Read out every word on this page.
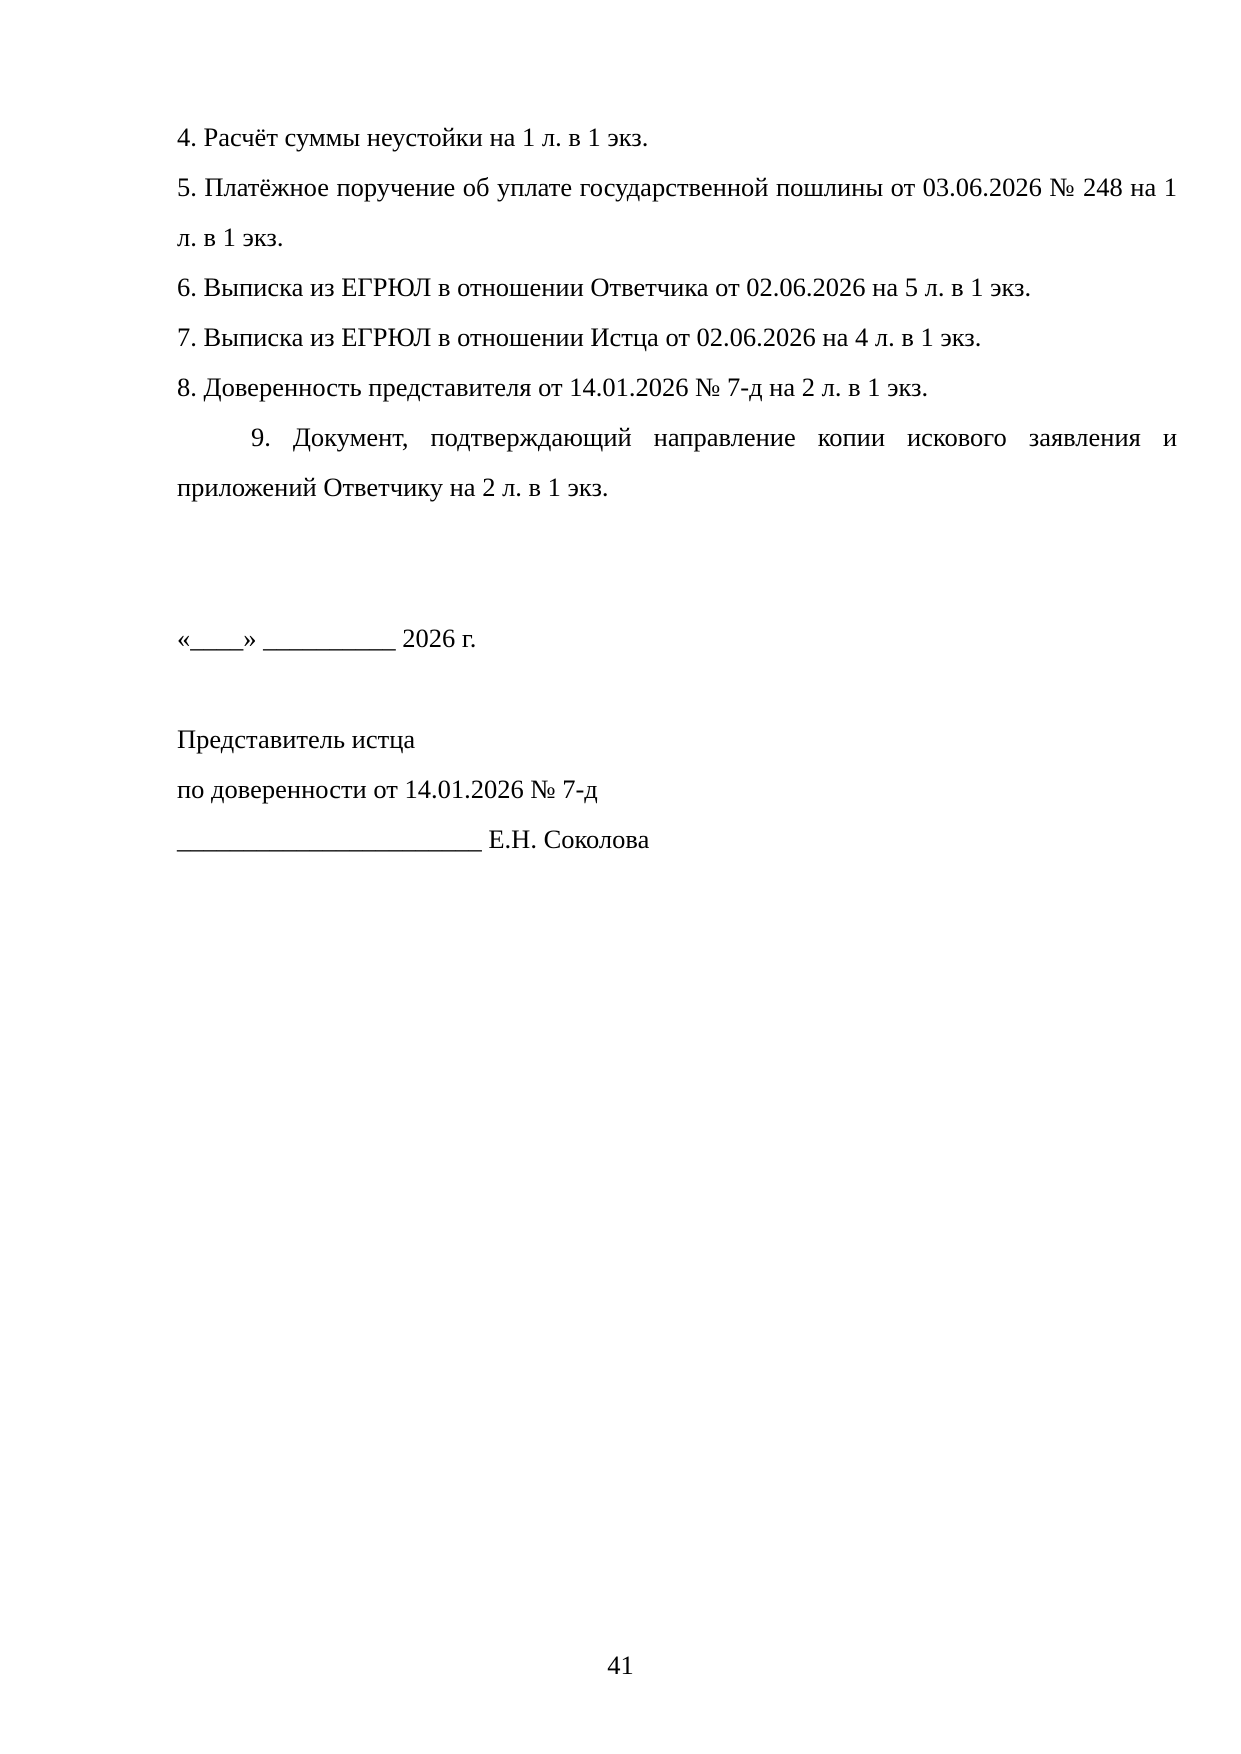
4. Расчёт суммы неустойки на 1 л. в 1 экз.

5. Платёжное поручение об уплате государственной пошлины от 03.06.2026 № 248 на 1 л. в 1 экз.

6. Выписка из ЕГРЮЛ в отношении Ответчика от 02.06.2026 на 5 л. в 1 экз.

7. Выписка из ЕГРЮЛ в отношении Истца от 02.06.2026 на 4 л. в 1 экз.

8. Доверенность представителя от 14.01.2026 № 7-д на 2 л. в 1 экз.

9. Документ, подтверждающий направление копии искового заявления и приложений Ответчику на 2 л. в 1 экз.

«____» __________ 2026 г.

Представитель истца

по доверенности от 14.01.2026 № 7-д

_______________________ Е.Н. Соколова

41
